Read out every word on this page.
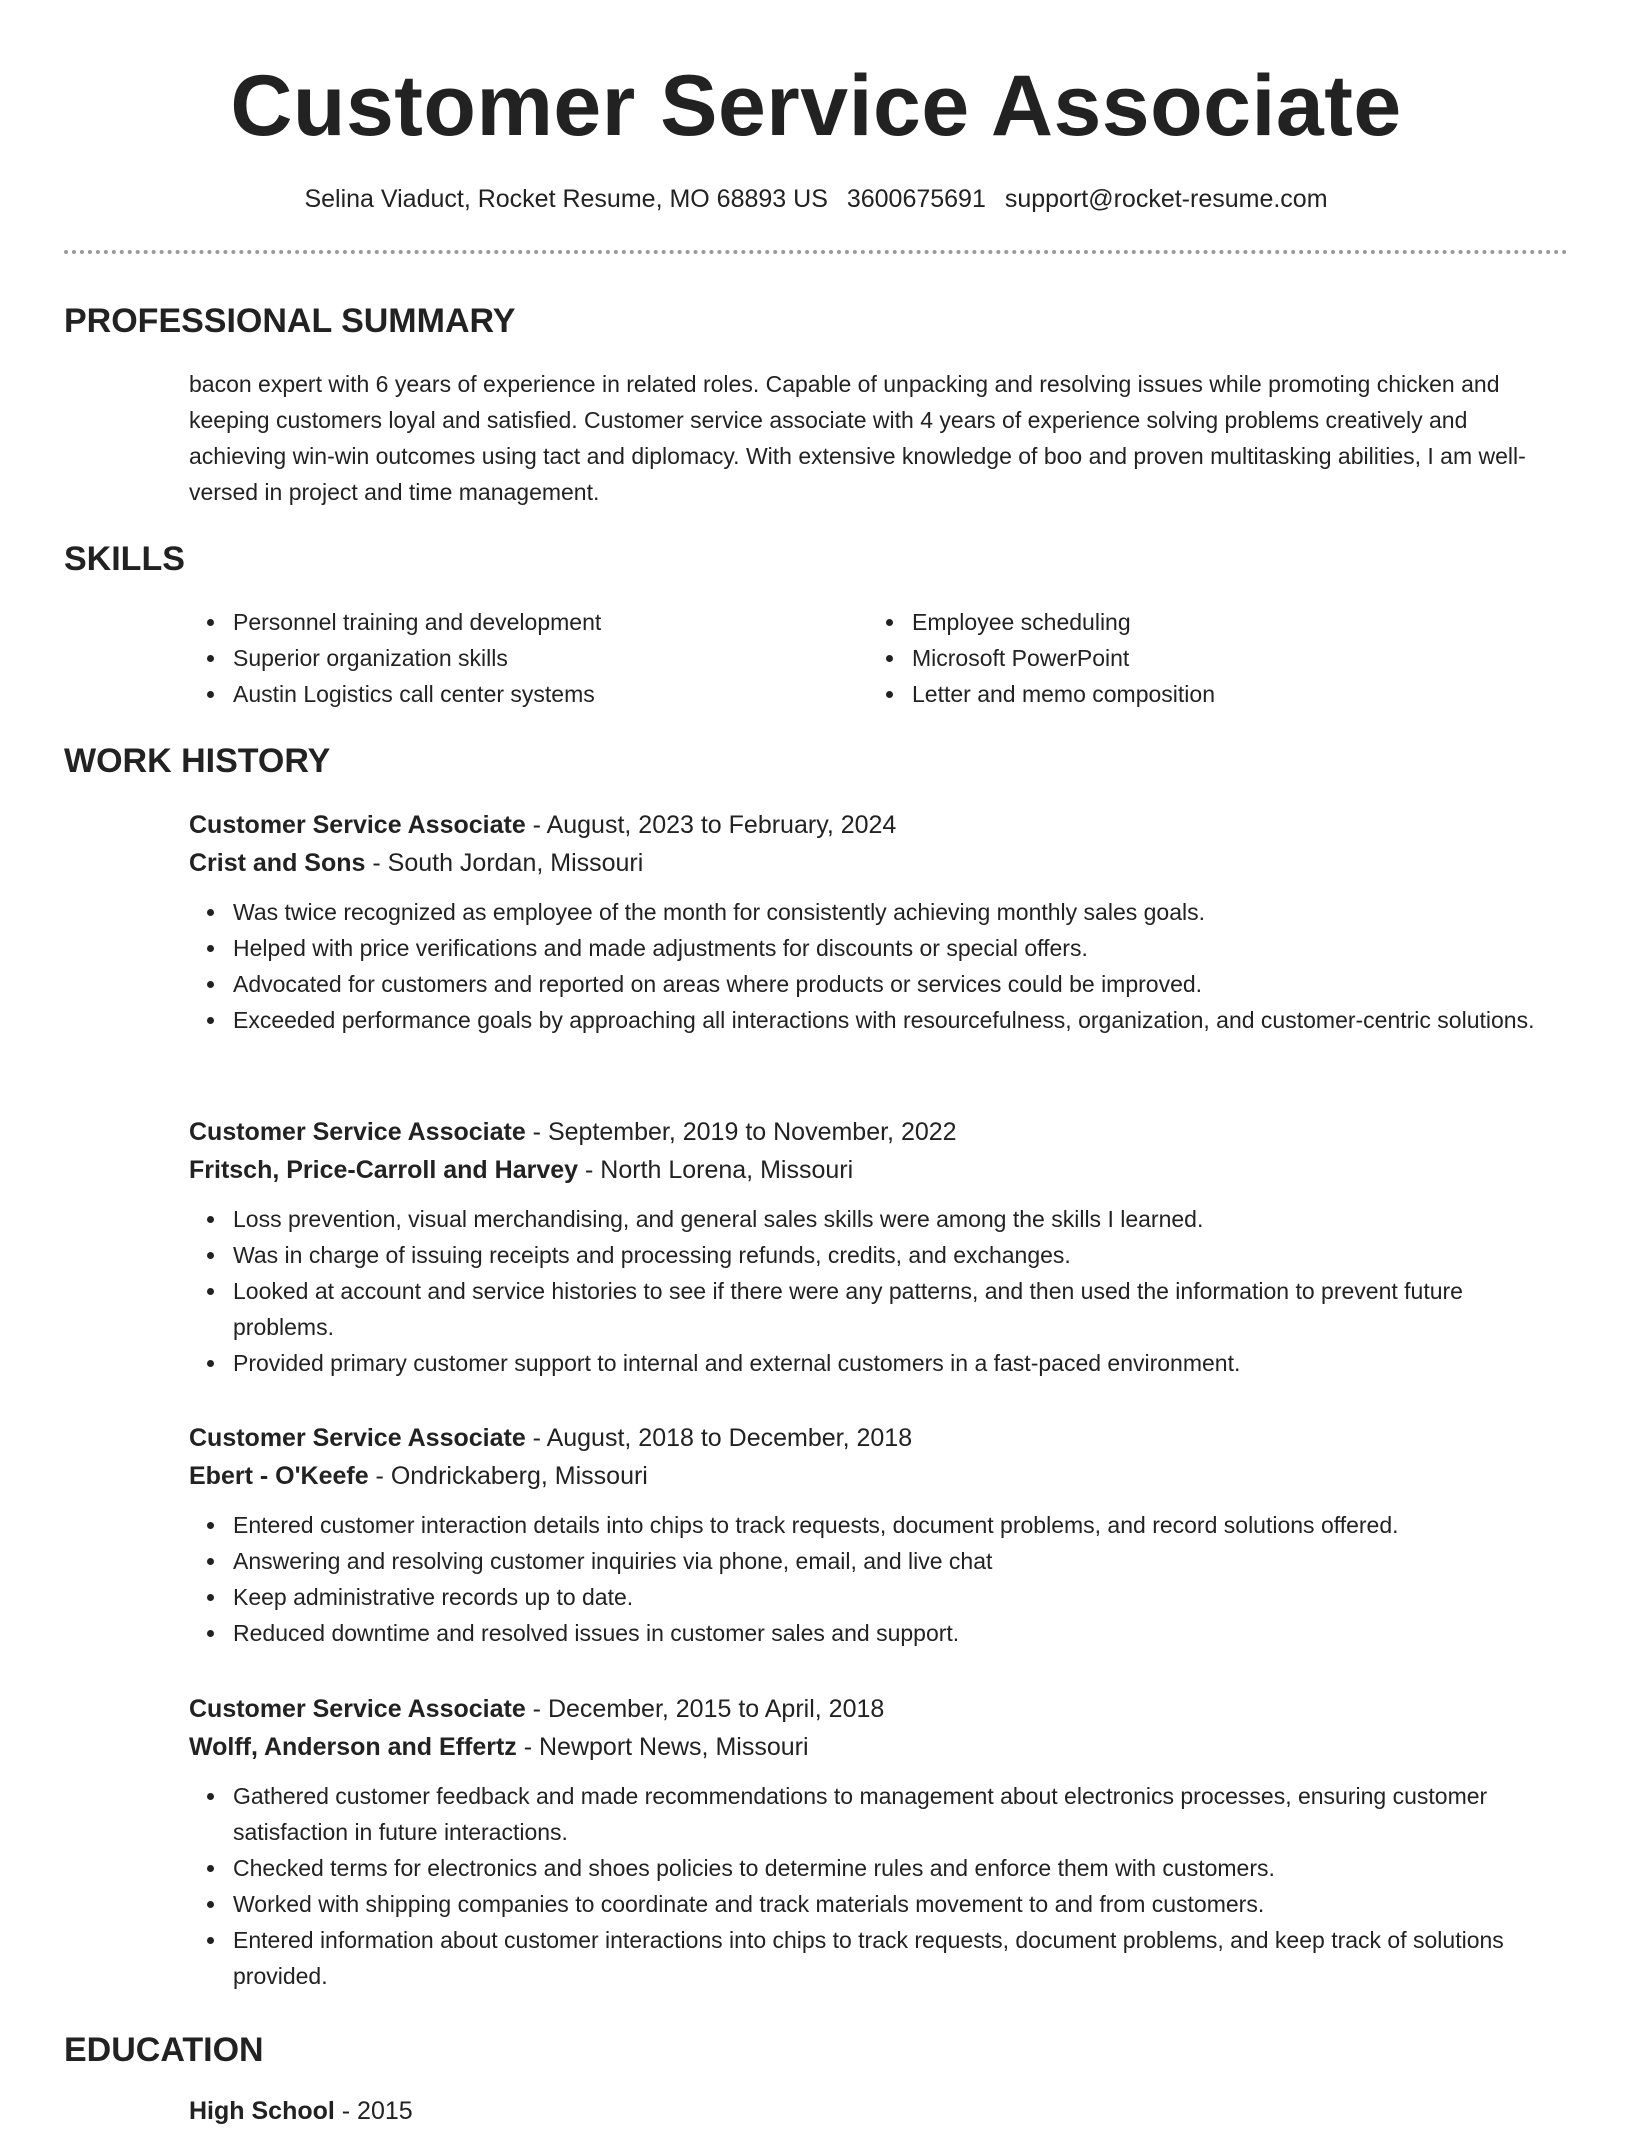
Customer Service Associate
Selina Viaduct, Rocket Resume, MO 68893 US 3600675691 support@rocket-resume.com
PROFESSIONAL SUMMARY
bacon expert with 6 years of experience in related roles. Capable of unpacking and resolving issues while promoting chicken and keeping customers loyal and satisfied. Customer service associate with 4 years of experience solving problems creatively and achieving win-win outcomes using tact and diplomacy. With extensive knowledge of boo and proven multitasking abilities, I am well-versed in project and time management.
SKILLS
Personnel training and development
Superior organization skills
Austin Logistics call center systems
Employee scheduling
Microsoft PowerPoint
Letter and memo composition
WORK HISTORY
Customer Service Associate - August, 2023 to February, 2024
Crist and Sons - South Jordan, Missouri
Was twice recognized as employee of the month for consistently achieving monthly sales goals.
Helped with price verifications and made adjustments for discounts or special offers.
Advocated for customers and reported on areas where products or services could be improved.
Exceeded performance goals by approaching all interactions with resourcefulness, organization, and customer-centric solutions.
Customer Service Associate - September, 2019 to November, 2022
Fritsch, Price-Carroll and Harvey - North Lorena, Missouri
Loss prevention, visual merchandising, and general sales skills were among the skills I learned.
Was in charge of issuing receipts and processing refunds, credits, and exchanges.
Looked at account and service histories to see if there were any patterns, and then used the information to prevent future problems.
Provided primary customer support to internal and external customers in a fast-paced environment.
Customer Service Associate - August, 2018 to December, 2018
Ebert - O'Keefe - Ondrickaberg, Missouri
Entered customer interaction details into chips to track requests, document problems, and record solutions offered.
Answering and resolving customer inquiries via phone, email, and live chat
Keep administrative records up to date.
Reduced downtime and resolved issues in customer sales and support.
Customer Service Associate - December, 2015 to April, 2018
Wolff, Anderson and Effertz - Newport News, Missouri
Gathered customer feedback and made recommendations to management about electronics processes, ensuring customer satisfaction in future interactions.
Checked terms for electronics and shoes policies to determine rules and enforce them with customers.
Worked with shipping companies to coordinate and track materials movement to and from customers.
Entered information about customer interactions into chips to track requests, document problems, and keep track of solutions provided.
EDUCATION
High School - 2015
